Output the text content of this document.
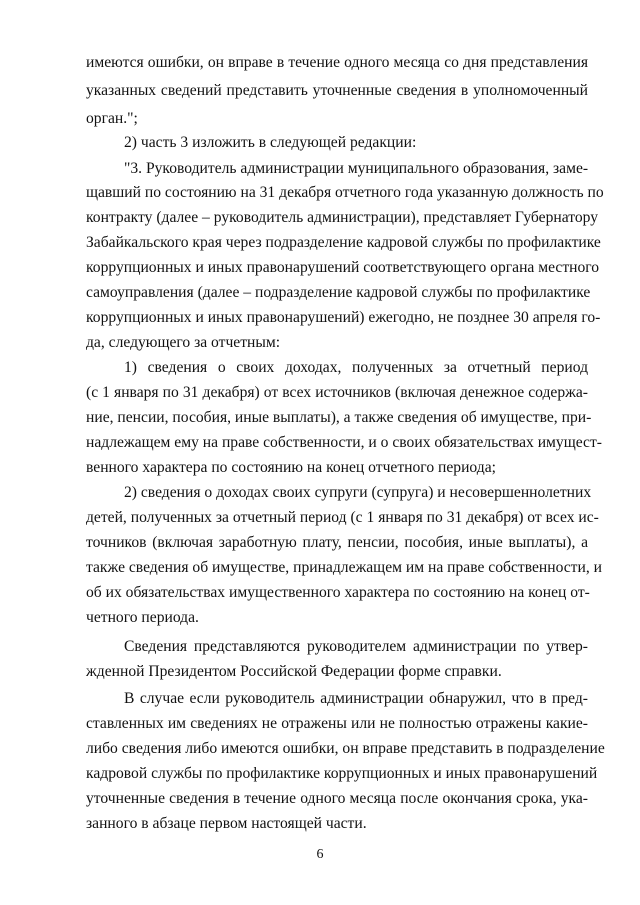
имеются ошибки, он вправе в течение одного месяца со дня представления
указанных сведений представить уточненные сведения в уполномоченный
орган.";
2) часть 3 изложить в следующей редакции:
"3. Руководитель администрации муниципального образования, заме-
щавший по состоянию на 31 декабря отчетного года указанную должность по
контракту (далее – руководитель администрации), представляет Губернатору
Забайкальского края через подразделение кадровой службы по профилактике
коррупционных и иных правонарушений соответствующего органа местного
самоуправления (далее – подразделение кадровой службы по профилактике
коррупционных и иных правонарушений) ежегодно, не позднее 30 апреля го-
да, следующего за отчетным:
1) сведения о своих доходах, полученных за отчетный период
(с 1 января по 31 декабря) от всех источников (включая денежное содержа-
ние, пенсии, пособия, иные выплаты), а также сведения об имуществе, при-
надлежащем ему на праве собственности, и о своих обязательствах имущест-
венного характера по состоянию на конец отчетного периода;
2) сведения о доходах своих супруги (супруга) и несовершеннолетних
детей, полученных за отчетный период (с 1 января по 31 декабря) от всех ис-
точников (включая заработную плату, пенсии, пособия, иные выплаты), а
также сведения об имуществе, принадлежащем им на праве собственности, и
об их обязательствах имущественного характера по состоянию на конец от-
четного периода.
Сведения представляются руководителем администрации по утвер-
жденной Президентом Российской Федерации форме справки.
В случае если руководитель администрации обнаружил, что в пред-
ставленных им сведениях не отражены или не полностью отражены какие-
либо сведения либо имеются ошибки, он вправе представить в подразделение
кадровой службы по профилактике коррупционных и иных правонарушений
уточненные сведения в течение одного месяца после окончания срока, ука-
занного в абзаце первом настоящей части.
6
